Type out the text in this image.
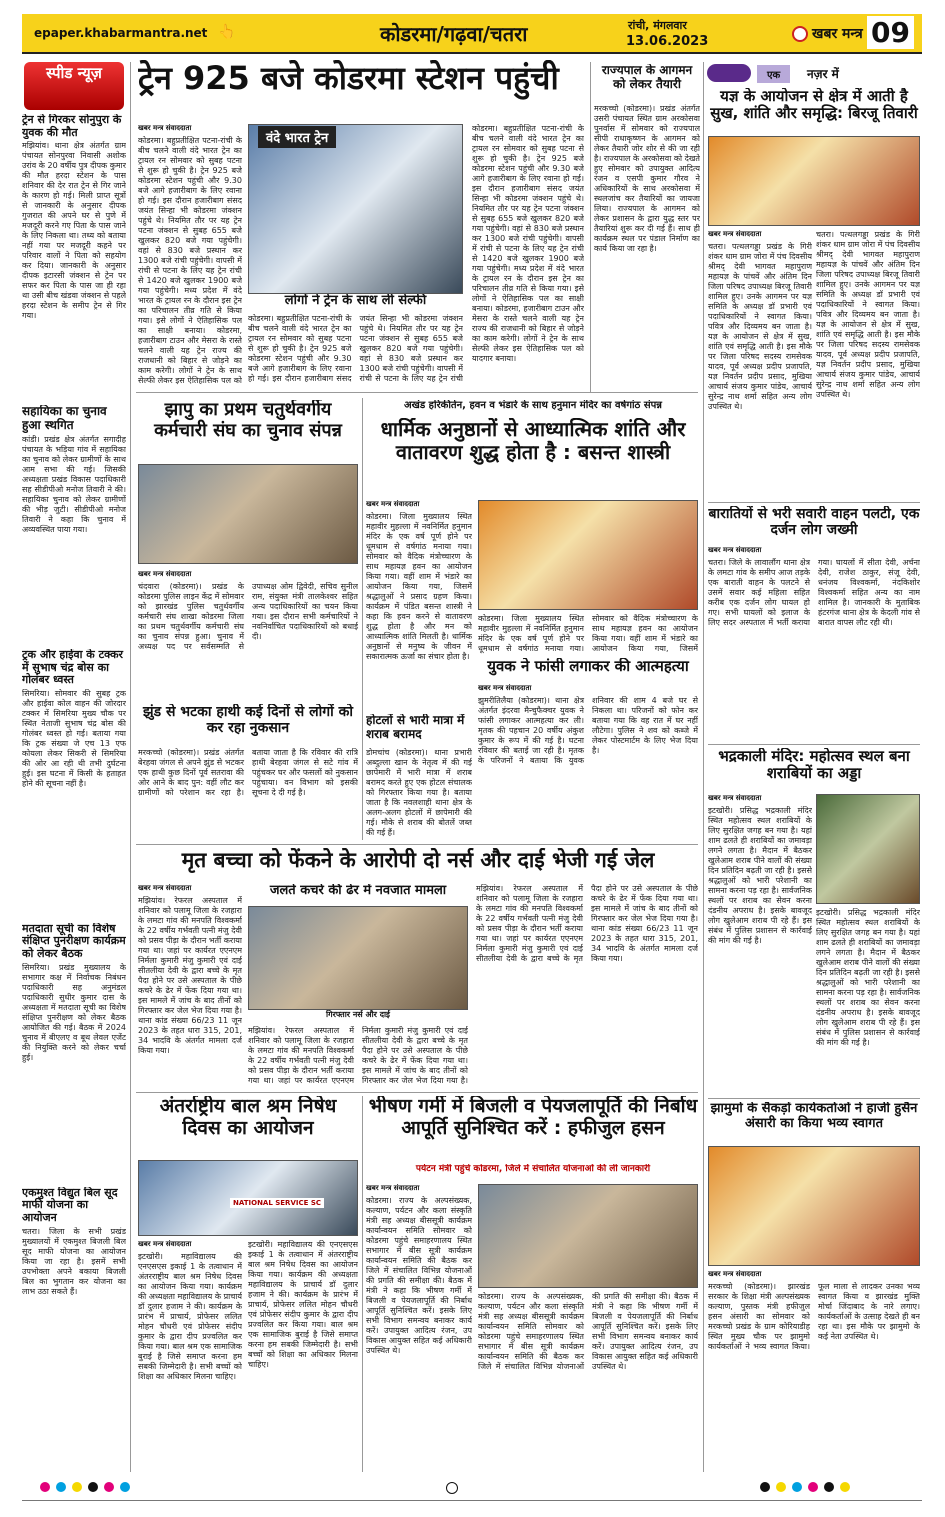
epaper.khabarmantra.net 👆	कोडरमा/गढ़वा/चतरा	रांची, मंगलवार
13.06.2023	खबर मन्त्र 09
स्पीड न्यूज़
ट्रेन से गिरकर सोनुपुरा के युवक की मौत
मझियांव। थाना क्षेत्र अंतर्गत ग्राम पंचायत सोनपुरवा निवासी अशोक उरांव के 20 वर्षीय पुत्र दीपक कुमार की मौत हरदा स्टेशन के पास शनिवार की देर रात ट्रेन से गिर जाने के कारण हो गई। मिली प्राप्त सूत्रों से जानकारी के अनुसार दीपक गुजरात की अपने घर से पुणे में मजदूरी करने गए पिता के पास जाने के लिए निकला था। तथ्य को बताया नहीं गया पर मजदूरी कहने पर परिवार वालों ने पिता को सहयोग कर दिया। जानकारी के अनुसार दीपक इटारसी जंक्शन से ट्रेन पर सफर कर पिता के पास जा ही रहा था उसी बीच खंडवा जंक्शन से पहले हरदा स्टेशन के समीप ट्रेन से गिर गया।
सहायिका का चुनाव हुआ स्थगित
कांडी। प्रखंड क्षेत्र अंतर्गत सगादीह पंचायत के भड़िया गांव में सहायिका का चुनाव को लेकर ग्रामीणों के साथ आम सभा की गई। जिसकी अध्यक्षता प्रखंड विकास पदाधिकारी सह सीडीपीओ मनोज तिवारी ने की। सहायिका चुनाव को लेकर ग्रामीणों की भीड़ जुटी। सीडीपीओ मनोज तिवारी ने कहा कि चुनाव में अव्यवस्थित पाया गया।
ट्रक और हाईवा के टक्कर में सुभाष चंद्र बोस का गोलंबर ध्वस्त
सिमरिया। सोमवार की सुबह ट्रक और हाईवा कोल वाहन की जोरदार टक्कर में सिमरिया मुख्य चौक पर स्थित नेताजी सुभाष चंद्र बोस की गोलंबर ध्वस्त हो गई। बताया गया कि ट्रक संख्या जे एच 13 एफ कोयला लेकर सिकरी से सिमरिया की ओर आ रही थी तभी दुर्घटना हुई। इस घटना में किसी के हताहत होने की सूचना नहीं है।
मतदाता सूची का विशेष संक्षिप्त पुनरीक्षण कार्यक्रम को लेकर बैठक
सिमरिया। प्रखंड मुख्यालय के सभागार कक्ष में निर्वाचक निबंधन पदाधिकारी सह अनुमंडल पदाधिकारी सुधीर कुमार दास के अध्यक्षता में मतदाता सूची का विशेष संक्षिप्त पुनरीक्षण को लेकर बैठक आयोजित की गई। बैठक में 2024 चुनाव में बीएलए व बूथ लेवल एजेंट की नियुक्ति करने को लेकर चर्चा हुई।
एकमुश्त विद्युत बिल सूद माफी योजना का आयोजन
चतरा। जिला के सभी प्रखंड मुख्यालयों में एकमुश्त बिजली बिल सूद माफी योजना का आयोजन किया जा रहा है। इसमें सभी उपभोक्ता अपने बकाया बिजली बिल का भुगतान कर योजना का लाभ उठा सकते हैं।
ट्रेन 925 बजे कोडरमा स्टेशन पहुंची
वंदे भारत ट्रेन
लोगों ने ट्रेन के साथ ली सेल्फी
खबर मन्त्र संवाददाता
कोडरमा। बहुप्रतीक्षित पटना-रांची के बीच चलने वाली वंदे भारत ट्रेन का ट्रायल रन सोमवार को सुबह पटना से शुरू हो चुकी है। ट्रेन 925 बजे कोडरमा स्टेशन पहुंची और 9.30 बजे आगे हजारीबाग के लिए रवाना हो गई। इस दौरान हजारीबाग संसद जयंत सिन्हा भी कोडरमा जंक्शन पहुंचे थे। नियमित तौर पर यह ट्रेन पटना जंक्शन से सुबह 655 बजे खुलकर 820 बजे गया पहुंचेगी। वहां से 830 बजे प्रस्थान कर 1300 बजे रांची पहुंचेगी। वापसी में रांची से पटना के लिए यह ट्रेन रांची से 1420 बजे खुलकर 1900 बजे गया पहुंचेगी। मध्य प्रदेश में वंदे भारत के ट्रायल रन के दौरान इस ट्रेन का परिचालन तीव्र गति से किया गया। इसे लोगों ने ऐतिहासिक पल का साक्षी बनाया। कोडरमा, हजारीबाग टाउन और मेसरा के रास्ते चलने वाली यह ट्रेन राज्य की राजधानी को बिहार से जोड़ने का काम करेगी। लोगों ने ट्रेन के साथ सेल्फी लेकर इस ऐतिहासिक पल को
कोडरमा। बहुप्रतीक्षित पटना-रांची के बीच चलने वाली वंदे भारत ट्रेन का ट्रायल रन सोमवार को सुबह पटना से शुरू हो चुकी है। ट्रेन 925 बजे कोडरमा स्टेशन पहुंची और 9.30 बजे आगे हजारीबाग के लिए रवाना हो गई। इस दौरान हजारीबाग संसद जयंत सिन्हा भी कोडरमा जंक्शन पहुंचे थे। नियमित तौर पर यह ट्रेन पटना जंक्शन से सुबह 655 बजे खुलकर 820 बजे गया पहुंचेगी। वहां से 830 बजे प्रस्थान कर 1300 बजे रांची पहुंचेगी। वापसी में रांची से पटना के लिए यह ट्रेन रांची
कोडरमा। बहुप्रतीक्षित पटना-रांची के बीच चलने वाली वंदे भारत ट्रेन का ट्रायल रन सोमवार को सुबह पटना से शुरू हो चुकी है। ट्रेन 925 बजे कोडरमा स्टेशन पहुंची और 9.30 बजे आगे हजारीबाग के लिए रवाना हो गई। इस दौरान हजारीबाग संसद जयंत सिन्हा भी कोडरमा जंक्शन पहुंचे थे। नियमित तौर पर यह ट्रेन पटना जंक्शन से सुबह 655 बजे खुलकर 820 बजे गया पहुंचेगी। वहां से 830 बजे प्रस्थान कर 1300 बजे रांची पहुंचेगी। वापसी में रांची से पटना के लिए यह ट्रेन रांची से 1420 बजे खुलकर 1900 बजे गया पहुंचेगी। मध्य प्रदेश में वंदे भारत के ट्रायल रन के दौरान इस ट्रेन का परिचालन तीव्र गति से किया गया। इसे लोगों ने ऐतिहासिक पल का साक्षी बनाया। कोडरमा, हजारीबाग टाउन और मेसरा के रास्ते चलने वाली यह ट्रेन राज्य की राजधानी को बिहार से जोड़ने का काम करेगी। लोगों ने ट्रेन के साथ सेल्फी लेकर इस ऐतिहासिक पल को यादगार बनाया।
राज्यपाल के आगमन को लेकर तैयारी
मरकच्चो (कोडरमा)। प्रखंड अंतर्गत उसरी पंचायत स्थित ग्राम अरकोसवा पुनर्वास में सोमवार को राज्यपाल सीपी राधाकृष्णन के आगमन को लेकर तैयारी जोर शोर से की जा रही है। राज्यपाल के अरकोसवा को देखते हुए सोमवार को उपायुक्त आदित्य रंजन व एसपी कुमार गौरव ने अधिकारियों के साथ अरकोसवा में स्थलजांच कर तैयारियों का जायजा लिया। राज्यपाल के आगमन को लेकर प्रशासन के द्वारा युद्ध स्तर पर तैयारियां शुरू कर दी गई हैं। साथ ही कार्यक्रम स्थल पर पंडाल निर्माण का कार्य किया जा रहा है।
एक	नज़र में
यज्ञ के आयोजन से क्षेत्र में आती है सुख, शांति और समृद्धि: बिरजू तिवारी
खबर मन्त्र संवाददाता
चतरा। पत्थलगड्डा प्रखंड के गिरी शंकर धाम ग्राम जोरा में पंच दिवसीय श्रीमद् देवी भागवत महापुराण महायज्ञ के पांचवें और अंतिम दिन जिला परिषद उपाध्यक्ष बिरजू तिवारी शामिल हुए। उनके आगमन पर यज्ञ समिति के अध्यक्ष डॉ प्रभारी एवं पदाधिकारियों ने स्वागत किया। पवित्र और दिव्यमय बन जाता है। यज्ञ के आयोजन से क्षेत्र में सुख, शांति एवं समृद्धि आती है। इस मौके पर जिला परिषद सदस्य रामसेवक यादव, पूर्व अध्यक्ष प्रदीप प्रजापति, यज्ञ निवर्तन प्रदीप प्रसाद, मुखिया आचार्य संजय कुमार पांडेय, आचार्य सुरेन्द्र नाथ शर्मा सहित अन्य लोग उपस्थित थे।
चतरा। पत्थलगड्डा प्रखंड के गिरी शंकर धाम ग्राम जोरा में पंच दिवसीय श्रीमद् देवी भागवत महापुराण महायज्ञ के पांचवें और अंतिम दिन जिला परिषद उपाध्यक्ष बिरजू तिवारी शामिल हुए। उनके आगमन पर यज्ञ समिति के अध्यक्ष डॉ प्रभारी एवं पदाधिकारियों ने स्वागत किया। पवित्र और दिव्यमय बन जाता है। यज्ञ के आयोजन से क्षेत्र में सुख, शांति एवं समृद्धि आती है। इस मौके पर जिला परिषद सदस्य रामसेवक यादव, पूर्व अध्यक्ष प्रदीप प्रजापति, यज्ञ निवर्तन प्रदीप प्रसाद, मुखिया आचार्य संजय कुमार पांडेय, आचार्य सुरेन्द्र नाथ शर्मा सहित अन्य लोग उपस्थित थे।
बारातियों से भरी सवारी वाहन पलटी, एक दर्जन लोग जख्मी
खबर मन्त्र संवाददाता
चतरा। जिले के लावालौंग थाना क्षेत्र के लमटा गांव के समीप आज तड़के एक बाराती वाहन के पलटने से उसमें सवार कई महिला सहित करीब एक दर्जन लोग घायल हो गए। सभी घायलों को इलाज के लिए सदर अस्पताल में भर्ती कराया गया। घायलों में सीता देवी, अर्चना देवी, राजेश ठाकुर, संजू देवी, धनंजय विश्वकर्मा, नंदकिशोर विश्वकर्मा सहित अन्य का नाम शामिल है। जानकारी के मुताबिक हंटरगंज थाना क्षेत्र के केदली गांव से बारात वापस लौट रही थी।
भद्रकाली मंदिर: महोत्सव स्थल बना शराबियों का अड्डा
खबर मन्त्र संवाददाता
इटखोरी। प्रसिद्ध भद्रकाली मंदिर स्थित महोत्सव स्थल शराबियों के लिए सुरक्षित जगह बन गया है। यहां शाम ढलते ही शराबियों का जमावड़ा लगने लगता है। मैदान में बैठकर खुलेआम शराब पीने वालों की संख्या दिन प्रतिदिन बढ़ती जा रही है। इससे श्रद्धालुओं को भारी परेशानी का सामना करना पड़ रहा है। सार्वजनिक स्थलों पर शराब का सेवन करना दंडनीय अपराध है। इसके बावजूद लोग खुलेआम शराब पी रहे हैं। इस संबंध में पुलिस प्रशासन से कार्रवाई की मांग की गई है।
इटखोरी। प्रसिद्ध भद्रकाली मंदिर स्थित महोत्सव स्थल शराबियों के लिए सुरक्षित जगह बन गया है। यहां शाम ढलते ही शराबियों का जमावड़ा लगने लगता है। मैदान में बैठकर खुलेआम शराब पीने वालों की संख्या दिन प्रतिदिन बढ़ती जा रही है। इससे श्रद्धालुओं को भारी परेशानी का सामना करना पड़ रहा है। सार्वजनिक स्थलों पर शराब का सेवन करना दंडनीय अपराध है। इसके बावजूद लोग खुलेआम शराब पी रहे हैं। इस संबंध में पुलिस प्रशासन से कार्रवाई की मांग की गई है।
झामुमो के सैकड़ों कार्यकर्ताओं ने हाजी हुसैन अंसारी का किया भव्य स्वागत
खबर मन्त्र संवाददाता
मरकच्चो (कोडरमा)। झारखंड सरकार के शिक्षा मंत्री अल्पसंख्यक कल्याण, पुस्तक मंत्री हफीजुल हसन अंसारी का सोमवार को मरकच्चो प्रखंड के ग्राम कोरियाडीह स्थित मुख्य चौक पर झामुमो कार्यकर्ताओं ने भव्य स्वागत किया। फूल माला से लादकर उनका भव्य स्वागत किया व झारखंड मुक्ति मोर्चा जिंदाबाद के नारे लगाए। कार्यकर्ताओं के उत्साह देखते ही बन रहा था। इस मौके पर झामुमो के कई नेता उपस्थित थे।
झापु का प्रथम चतुर्थवर्गीय कर्मचारी संघ का चुनाव संपन्न
खबर मन्त्र संवाददाता
चंदवारा (कोडरमा)। प्रखंड के कोडरमा पुलिस लाइन केंद्र में सोमवार को झारखंड पुलिस चतुर्थवर्गीय कर्मचारी संघ शाखा कोडरमा जिला का प्रथम चतुर्थवर्गीय कर्मचारी संघ का चुनाव संपन्न हुआ। चुनाव में अध्यक्ष पद पर सर्वसम्मति से उपाध्यक्ष ओम द्विवेदी, सचिव सुनील राम, संयुक्त मंत्री तालकेश्वर सहित अन्य पदाधिकारियों का चयन किया गया। इस दौरान सभी कर्मचारियों ने नवनिर्वाचित पदाधिकारियों को बधाई दी।
झुंड से भटका हाथी कई दिनों से लोगों को कर रहा नुकसान
मरकच्चो (कोडरमा)। प्रखंड अंतर्गत बेरहवा जंगल से अपने झुंड से भटकर एक हाथी कुछ दिनों पूर्व सतरावा की ओर आने के बाद पुन: वहीं लौट कर ग्रामीणों को परेशान कर रहा है। बताया जाता है कि रविवार की रात्रि हाथी बेरहवा जंगल से सटे गांव में पहुंचकर घर और फसलों को नुकसान पहुंचाया। वन विभाग को इसकी सूचना दे दी गई है।
अखंड हरिकीर्तन, हवन व भंडारे के साथ हनुमान मंदिर का वर्षगांठ संपन्न
धार्मिक अनुष्ठानों से आध्यात्मिक शांति और वातावरण शुद्ध होता है : बसन्त शास्त्री
खबर मन्त्र संवाददाता
कोडरमा। जिला मुख्यालय स्थित महावीर मुहल्ला में नवनिर्मित हनुमान मंदिर के एक वर्ष पूर्ण होने पर धूमधाम से वर्षगांठ मनाया गया। सोमवार को वैदिक मंत्रोच्चारण के साथ महायज्ञ हवन का आयोजन किया गया। वहीं शाम में भंडारे का आयोजन किया गया, जिसमें श्रद्धालुओं ने प्रसाद ग्रहण किया। कार्यक्रम में पंडित बसन्त शास्त्री ने कहा कि हवन करने से वातावरण शुद्ध होता है और मन को आध्यात्मिक शांति मिलती है। धार्मिक अनुष्ठानों से मनुष्य के जीवन में सकारात्मक ऊर्जा का संचार होता है।
कोडरमा। जिला मुख्यालय स्थित महावीर मुहल्ला में नवनिर्मित हनुमान मंदिर के एक वर्ष पूर्ण होने पर धूमधाम से वर्षगांठ मनाया गया। सोमवार को वैदिक मंत्रोच्चारण के साथ महायज्ञ हवन का आयोजन किया गया। वहीं शाम में भंडारे का आयोजन किया गया, जिसमें
होटलों से भारी मात्रा में शराब बरामद
डोमचांच (कोडरमा)। थाना प्रभारी अब्दुल्ला खान के नेतृत्व में की गई छापेमारी में भारी मात्रा में शराब बरामद करते हुए एक होटल संचालक को गिरफ्तार किया गया है। बताया जाता है कि नवलशाही थाना क्षेत्र के अलग-अलग होटलों में छापेमारी की गई। मौके से शराब की बोतलें जब्त की गई हैं।
युवक ने फांसी लगाकर की आत्महत्या
खबर मन्त्र संवाददाता
झुमरीतिलैया (कोडरमा)। थाना क्षेत्र अंतर्गत इंदरवा मैन्चुफैक्चर युवक ने फांसी लगाकर आत्महत्या कर ली। मृतक की पहचान 20 वर्षीय अंकुश कुमार के रूप में की गई है। घटना रविवार की बताई जा रही है। मृतक के परिजनों ने बताया कि युवक शनिवार की शाम 4 बजे घर से निकला था। परिजनों को फोन कर बताया गया कि वह रात में घर नहीं लौटेगा। पुलिस ने शव को कब्जे में लेकर पोस्टमार्टम के लिए भेज दिया है।
मृत बच्चा को फेंकने के आरोपी दो नर्स और दाई भेजी गई जेल
जलते कचरे की ढेर में नवजात मामला
गिरफ्तार नर्स और दाई
खबर मन्त्र संवाददाता
मझियांव। रेफरल अस्पताल में शनिवार को पलामू जिला के रजहारा के लमटा गांव की मनपति विश्वकर्मा के 22 वर्षीय गर्भवती पत्नी मंजु देवी को प्रसव पीड़ा के दौरान भर्ती कराया गया था। जहां पर कार्यरत एएनएम निर्मला कुमारी मंजु कुमारी एवं दाई सीतलीया देवी के द्वारा बच्चे के मृत पैदा होने पर उसे अस्पताल के पीछे कचरे के ढेर में फेंक दिया गया था। इस मामले में जांच के बाद तीनों को गिरफ्तार कर जेल भेज दिया गया है। थाना कांड संख्या 66/23 11 जून 2023 के तहत धारा 315, 201, 34 भादवि के अंतर्गत मामला दर्ज किया गया।
मझियांव। रेफरल अस्पताल में शनिवार को पलामू जिला के रजहारा के लमटा गांव की मनपति विश्वकर्मा के 22 वर्षीय गर्भवती पत्नी मंजु देवी को प्रसव पीड़ा के दौरान भर्ती कराया गया था। जहां पर कार्यरत एएनएम निर्मला कुमारी मंजु कुमारी एवं दाई सीतलीया देवी के द्वारा बच्चे के मृत पैदा होने पर उसे अस्पताल के पीछे कचरे के ढेर में फेंक दिया गया था। इस मामले में जांच के बाद तीनों को गिरफ्तार कर जेल भेज दिया गया है।
मझियांव। रेफरल अस्पताल में शनिवार को पलामू जिला के रजहारा के लमटा गांव की मनपति विश्वकर्मा के 22 वर्षीय गर्भवती पत्नी मंजु देवी को प्रसव पीड़ा के दौरान भर्ती कराया गया था। जहां पर कार्यरत एएनएम निर्मला कुमारी मंजु कुमारी एवं दाई सीतलीया देवी के द्वारा बच्चे के मृत पैदा होने पर उसे अस्पताल के पीछे कचरे के ढेर में फेंक दिया गया था। इस मामले में जांच के बाद तीनों को गिरफ्तार कर जेल भेज दिया गया है। थाना कांड संख्या 66/23 11 जून 2023 के तहत धारा 315, 201, 34 भादवि के अंतर्गत मामला दर्ज किया गया।
अंतर्राष्ट्रीय बाल श्रम निषेध दिवस का आयोजन
NATIONAL SERVICE SC
खबर मन्त्र संवाददाता
इटखोरी। महाविद्यालय की एनएसएस इकाई 1 के तत्वाधान में अंतरराष्ट्रीय बाल श्रम निषेध दिवस का आयोजन किया गया। कार्यक्रम की अध्यक्षता महाविद्यालय के प्राचार्य डॉ दुलार हजाम ने की। कार्यक्रम के प्रारंभ में प्राचार्य, प्रोफेसर ललित मोहन चौधरी एवं प्रोफेसर संदीप कुमार के द्वारा दीप प्रज्वलित कर किया गया। बाल श्रम एक सामाजिक बुराई है जिसे समाप्त करना हम सबकी जिम्मेदारी है। सभी बच्चों को शिक्षा का अधिकार मिलना चाहिए।
इटखोरी। महाविद्यालय की एनएसएस इकाई 1 के तत्वाधान में अंतरराष्ट्रीय बाल श्रम निषेध दिवस का आयोजन किया गया। कार्यक्रम की अध्यक्षता महाविद्यालय के प्राचार्य डॉ दुलार हजाम ने की। कार्यक्रम के प्रारंभ में प्राचार्य, प्रोफेसर ललित मोहन चौधरी एवं प्रोफेसर संदीप कुमार के द्वारा दीप प्रज्वलित कर किया गया। बाल श्रम एक सामाजिक बुराई है जिसे समाप्त करना हम सबकी जिम्मेदारी है। सभी बच्चों को शिक्षा का अधिकार मिलना चाहिए।
भीषण गर्मी में बिजली व पेयजलापूर्ति की निर्बाध आपूर्ति सुनिश्चित करें : हफीजुल हसन
पर्यटन मंत्री पहुंचे कोडरमा, जिले में संचालित योजनाओं की ली जानकारी
खबर मन्त्र संवाददाता
कोडरमा। राज्य के अल्पसंख्यक, कल्याण, पर्यटन और कला संस्कृति मंत्री सह अध्यक्ष बीससूत्री कार्यक्रम कार्यान्वयन समिति सोमवार को कोडरमा पहुंचे समाहरणालय स्थित सभागार में बीस सूत्री कार्यक्रम कार्यान्वयन समिति की बैठक कर जिले में संचालित विभिन्न योजनाओं की प्रगति की समीक्षा की। बैठक में मंत्री ने कहा कि भीषण गर्मी में बिजली व पेयजलापूर्ति की निर्बाध आपूर्ति सुनिश्चित करें। इसके लिए सभी विभाग समन्वय बनाकर कार्य करें। उपायुक्त आदित्य रंजन, उप विकास आयुक्त सहित कई अधिकारी उपस्थित थे।
कोडरमा। राज्य के अल्पसंख्यक, कल्याण, पर्यटन और कला संस्कृति मंत्री सह अध्यक्ष बीससूत्री कार्यक्रम कार्यान्वयन समिति सोमवार को कोडरमा पहुंचे समाहरणालय स्थित सभागार में बीस सूत्री कार्यक्रम कार्यान्वयन समिति की बैठक कर जिले में संचालित विभिन्न योजनाओं की प्रगति की समीक्षा की। बैठक में मंत्री ने कहा कि भीषण गर्मी में बिजली व पेयजलापूर्ति की निर्बाध आपूर्ति सुनिश्चित करें। इसके लिए सभी विभाग समन्वय बनाकर कार्य करें। उपायुक्त आदित्य रंजन, उप विकास आयुक्त सहित कई अधिकारी उपस्थित थे।
